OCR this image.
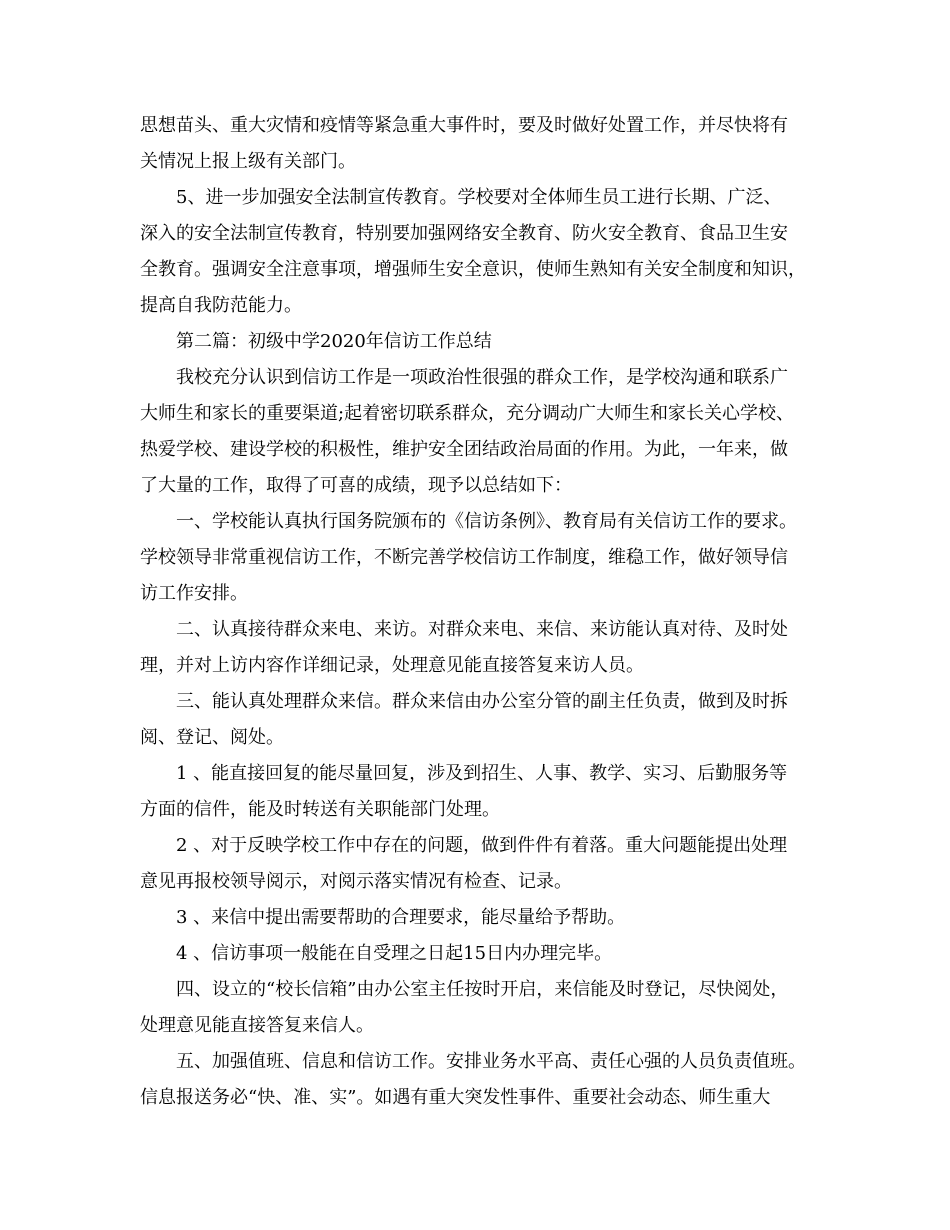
思想苗头、重大灾情和疫情等紧急重大事件时，要及时做好处置工作，并尽快将有
关情况上报上级有关部门。

5、进一步加强安全法制宣传教育。学校要对全体师生员工进行长期、广泛、
深入的安全法制宣传教育，特别要加强网络安全教育、防火安全教育、食品卫生安
全教育。强调安全注意事项，增强师生安全意识，使师生熟知有关安全制度和知识，
提高自我防范能力。

第二篇：初级中学2020年信访工作总结

我校充分认识到信访工作是一项政治性很强的群众工作，是学校沟通和联系广
大师生和家长的重要渠道;起着密切联系群众，充分调动广大师生和家长关心学校、
热爱学校、建设学校的积极性，维护安全团结政治局面的作用。为此，一年来，做
了大量的工作，取得了可喜的成绩，现予以总结如下：

一、学校能认真执行国务院颁布的《信访条例》、教育局有关信访工作的要求。
学校领导非常重视信访工作，不断完善学校信访工作制度，维稳工作，做好领导信
访工作安排。

二、认真接待群众来电、来访。对群众来电、来信、来访能认真对待、及时处
理，并对上访内容作详细记录，处理意见能直接答复来访人员。

三、能认真处理群众来信。群众来信由办公室分管的副主任负责，做到及时拆
阅、登记、阅处。

1 、能直接回复的能尽量回复，涉及到招生、人事、教学、实习、后勤服务等
方面的信件，能及时转送有关职能部门处理。

2 、对于反映学校工作中存在的问题，做到件件有着落。重大问题能提出处理
意见再报校领导阅示，对阅示落实情况有检查、记录。

3 、来信中提出需要帮助的合理要求，能尽量给予帮助。

4 、信访事项一般能在自受理之日起15日内办理完毕。

四、设立的“校长信箱”由办公室主任按时开启，来信能及时登记，尽快阅处，
处理意见能直接答复来信人。

五、加强值班、信息和信访工作。安排业务水平高、责任心强的人员负责值班。
信息报送务必“快、准、实”。如遇有重大突发性事件、重要社会动态、师生重大
